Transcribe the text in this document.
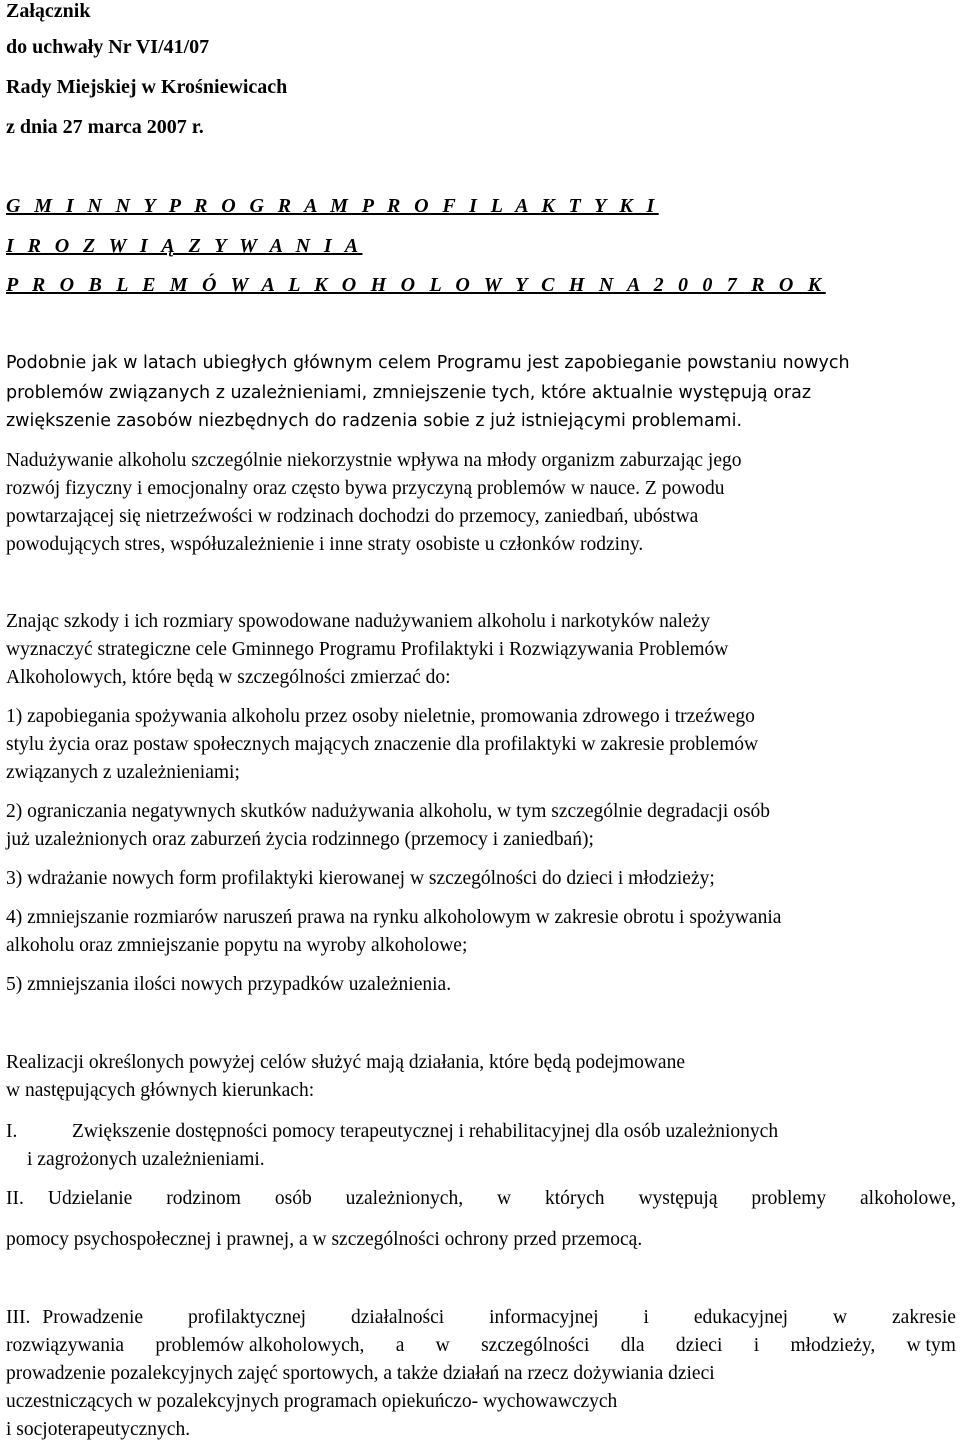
Załącznik
do uchwały Nr VI/41/07
Rady Miejskiej w Krośniewicach
z dnia 27 marca 2007 r.
G M I N N Y P R O G R A M P R O F I L A K T Y K I
I R O Z W I Ą Z Y W A N I A
P R O B L E M Ó W A L K O H O L O W Y C H N A 2 0 0 7 R O K
Podobnie jak w latach ubiegłych głównym celem Programu jest zapobieganie powstaniu nowych
problemów związanych z uzależnieniami, zmniejszenie tych, które aktualnie występują oraz
zwiększenie zasobów niezbędnych do radzenia sobie z już istniejącymi problemami.
Nadużywanie alkoholu szczególnie niekorzystnie wpływa na młody organizm zaburzając jego
rozwój fizyczny i emocjonalny oraz często bywa przyczyną problemów w nauce. Z powodu
powtarzającej się nietrzeźwości w rodzinach dochodzi do przemocy, zaniedbań, ubóstwa
powodujących stres, współuzależnienie i inne straty osobiste u członków rodziny.
Znając szkody i ich rozmiary spowodowane nadużywaniem alkoholu i narkotyków należy
wyznaczyć strategiczne cele Gminnego Programu Profilaktyki i Rozwiązywania Problemów
Alkoholowych, które będą w szczególności zmierzać do:
1) zapobiegania spożywania alkoholu przez osoby nieletnie, promowania zdrowego i trzeźwego
stylu życia oraz postaw społecznych mających znaczenie dla profilaktyki w zakresie problemów
związanych z uzależnieniami;
2) ograniczania negatywnych skutków nadużywania alkoholu, w tym szczególnie degradacji osób
już uzależnionych oraz zaburzeń życia rodzinnego (przemocy i zaniedbań);
3) wdrażanie nowych form profilaktyki kierowanej w szczególności do dzieci i młodzieży;
4) zmniejszanie rozmiarów naruszeń prawa na rynku alkoholowym w zakresie obrotu i spożywania
alkoholu oraz zmniejszanie popytu na wyroby alkoholowe;
5) zmniejszania ilości nowych przypadków uzależnienia.
Realizacji określonych powyżej celów służyć mają działania, które będą podejmowane
w następujących głównych kierunkach:
I.	Zwiększenie dostępności pomocy terapeutycznej i rehabilitacyjnej dla osób uzależnionych
i zagrożonych uzależnieniami.
II. Udzielanie rodzinom osób uzależnionych, w których występują problemy alkoholowe,
pomocy psychospołecznej i prawnej, a w szczególności ochrony przed przemocą.
III. Prowadzenie profilaktycznej działalności informacyjnej i edukacyjnej w zakresie
rozwiązywania problemów alkoholowych, a w szczególności dla dzieci i młodzieży, w tym
prowadzenie pozalekcyjnych zajęć sportowych, a także działań na rzecz dożywiania dzieci
uczestniczących w pozalekcyjnych programach opiekuńczo- wychowawczych
i socjoterapeutycznych.
